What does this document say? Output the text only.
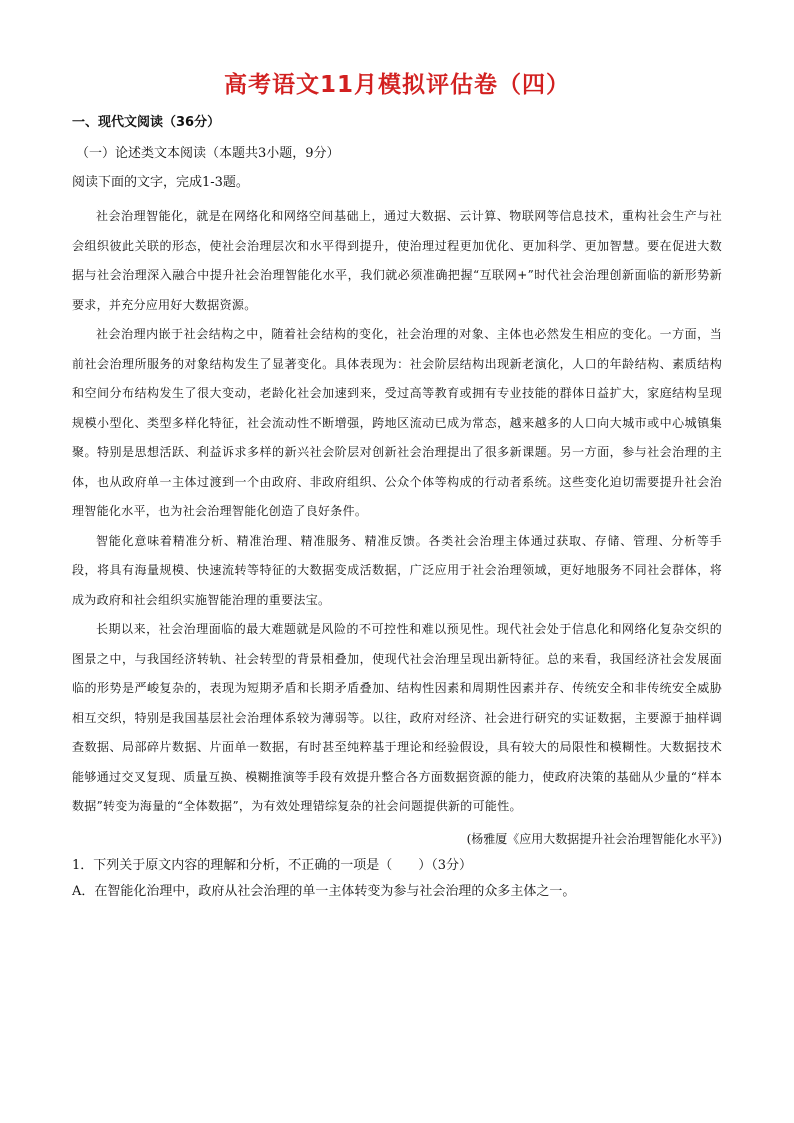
高考语文11月模拟评估卷（四）
一、现代文阅读（36分）
（一）论述类文本阅读（本题共3小题，9分）
阅读下面的文字，完成1-3题。

社会治理智能化，就是在网络化和网络空间基础上，通过大数据、云计算、物联网等信息技术，重构社会生产与社会组织彼此关联的形态，使社会治理层次和水平得到提升，使治理过程更加优化、更加科学、更加智慧。要在促进大数据与社会治理深入融合中提升社会治理智能化水平，我们就必须准确把握“互联网+”时代社会治理创新面临的新形势新要求，并充分应用好大数据资源。

社会治理内嵌于社会结构之中，随着社会结构的变化，社会治理的对象、主体也必然发生相应的变化。一方面，当前社会治理所服务的对象结构发生了显著变化。具体表现为：社会阶层结构出现新老演化，人口的年龄结构、素质结构和空间分布结构发生了很大变动，老龄化社会加速到来，受过高等教育或拥有专业技能的群体日益扩大，家庭结构呈现规模小型化、类型多样化特征，社会流动性不断增强，跨地区流动已成为常态，越来越多的人口向大城市或中心城镇集聚。特别是思想活跃、利益诉求多样的新兴社会阶层对创新社会治理提出了很多新课题。另一方面，参与社会治理的主体，也从政府单一主体过渡到一个由政府、非政府组织、公众个体等构成的行动者系统。这些变化迫切需要提升社会治理智能化水平，也为社会治理智能化创造了良好条件。

智能化意味着精准分析、精准治理、精准服务、精准反馈。各类社会治理主体通过获取、存储、管理、分析等手段，将具有海量规模、快速流转等特征的大数据变成活数据，广泛应用于社会治理领域，更好地服务不同社会群体，将成为政府和社会组织实施智能治理的重要法宝。

长期以来，社会治理面临的最大难题就是风险的不可控性和难以预见性。现代社会处于信息化和网络化复杂交织的图景之中，与我国经济转轨、社会转型的背景相叠加，使现代社会治理呈现出新特征。总的来看，我国经济社会发展面临的形势是严峻复杂的，表现为短期矛盾和长期矛盾叠加、结构性因素和周期性因素并存、传统安全和非传统安全威胁相互交织，特别是我国基层社会治理体系较为薄弱等。以往，政府对经济、社会进行研究的实证数据，主要源于抽样调查数据、局部碎片数据、片面单一数据，有时甚至纯粹基于理论和经验假设，具有较大的局限性和模糊性。大数据技术能够通过交叉复现、质量互换、模糊推演等手段有效提升整合各方面数据资源的能力，使政府决策的基础从少量的“样本数据”转变为海量的“全体数据”，为有效处理错综复杂的社会问题提供新的可能性。

(杨雅厦《应用大数据提升社会治理智能化水平》)

1．下列关于原文内容的理解和分析，不正确的一项是（　　）（3分）

A．在智能化治理中，政府从社会治理的单一主体转变为参与社会治理的众多主体之一。
